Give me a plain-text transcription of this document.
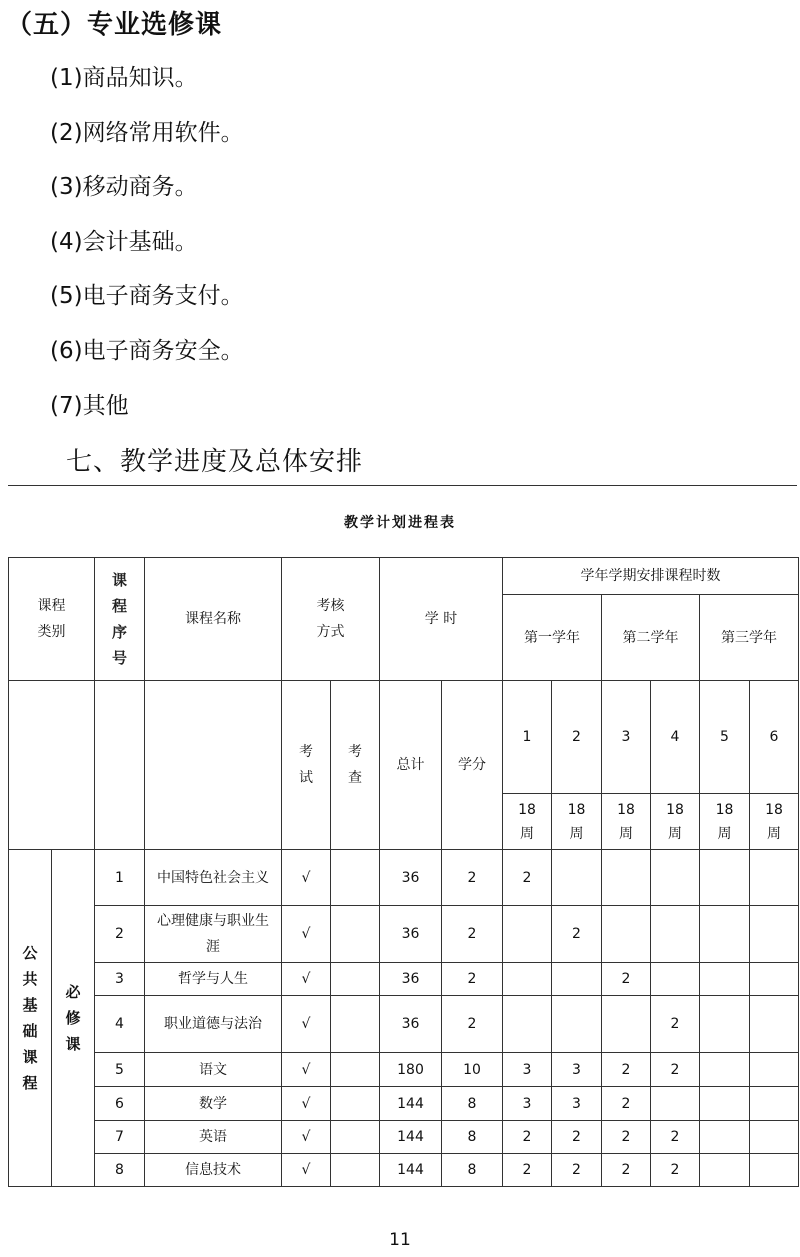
（五）专业选修课
(1)商品知识。
(2)网络常用软件。
(3)移动商务。
(4)会计基础。
(5)电子商务支付。
(6)电子商务安全。
(7)其他
七、教学进度及总体安排
教学计划进程表
课程类别		课程序号	课程名称	考核方式		学 时		学年学期安排课程时数					
								第一学年		第二学年		第三学年	

				考试	考查	总计	学分	1	2	3	4	5	6

								18周	18周	18周	18周	18周	18周

公共基础课程	必修课	1	中国特色社会主义	√		36	2	2					
		2	心理健康与职业生涯	√		36	2		2				
		3	哲学与人生	√		36	2			2			
		4	职业道德与法治	√		36	2				2		
		5	语文	√		180	10	3	3	2	2		
		6	数学	√		144	8	3	3	2			
		7	英语	√		144	8	2	2	2	2		
		8	信息技术	√		144	8	2	2	2	2		
11
